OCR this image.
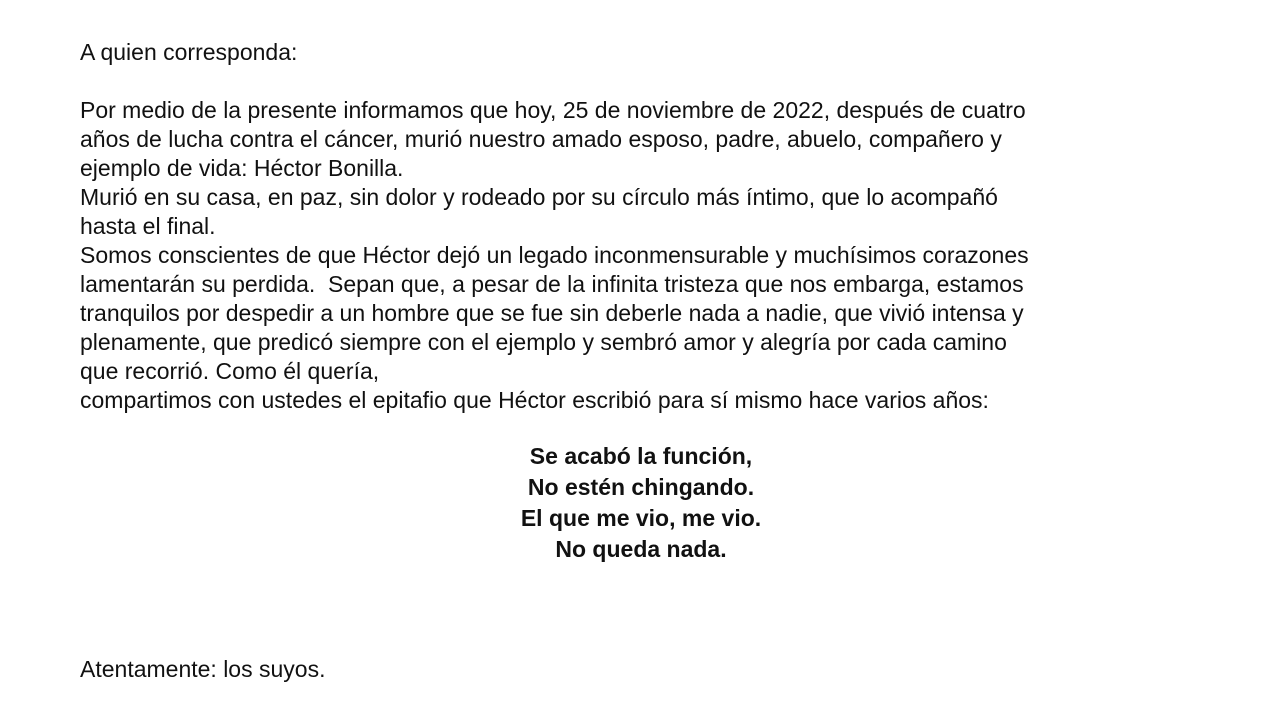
A quien corresponda:

Por medio de la presente informamos que hoy, 25 de noviembre de 2022, después de cuatro
años de lucha contra el cáncer, murió nuestro amado esposo, padre, abuelo, compañero y
ejemplo de vida: Héctor Bonilla.
Murió en su casa, en paz, sin dolor y rodeado por su círculo más íntimo, que lo acompañó
hasta el final.
Somos conscientes de que Héctor dejó un legado inconmensurable y muchísimos corazones
lamentarán su perdida.  Sepan que, a pesar de la infinita tristeza que nos embarga, estamos
tranquilos por despedir a un hombre que se fue sin deberle nada a nadie, que vivió intensa y
plenamente, que predicó siempre con el ejemplo y sembró amor y alegría por cada camino
que recorrió. Como él quería,
compartimos con ustedes el epitafio que Héctor escribió para sí mismo hace varios años:

Se acabó la función,
No estén chingando.
El que me vio, me vio.
No queda nada.

Atentamente: los suyos.
